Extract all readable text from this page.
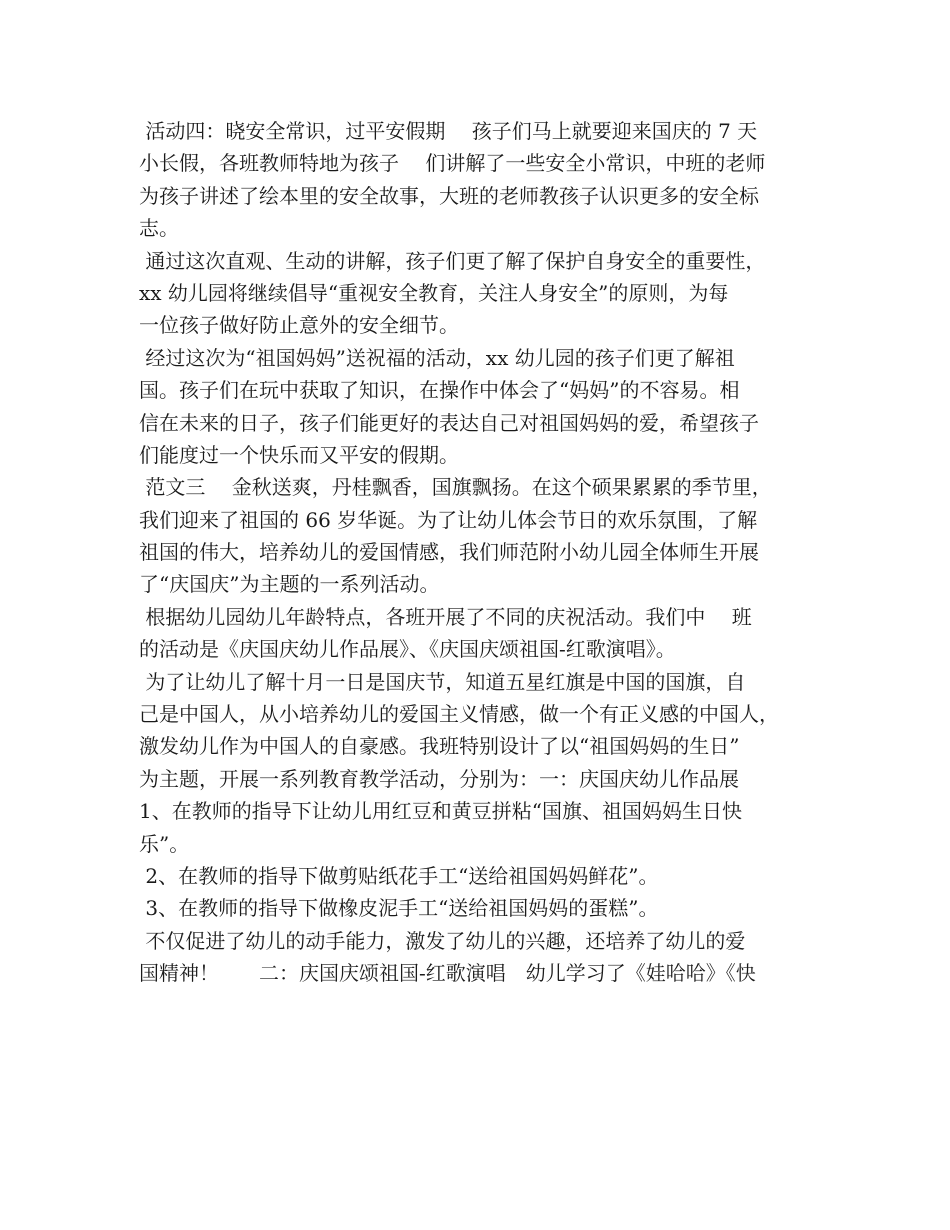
活动四：晓安全常识，过平安假期　 孩子们马上就要迎来国庆的 7 天
小长假，各班教师特地为孩子　 们讲解了一些安全小常识，中班的老师
为孩子讲述了绘本里的安全故事，大班的老师教孩子认识更多的安全标
志。
通过这次直观、生动的讲解，孩子们更了解了保护自身安全的重要性，
xx 幼儿园将继续倡导“重视安全教育，关注人身安全”的原则，为每
一位孩子做好防止意外的安全细节。
经过这次为“祖国妈妈”送祝福的活动，xx 幼儿园的孩子们更了解祖
国。孩子们在玩中获取了知识，在操作中体会了“妈妈”的不容易。相
信在未来的日子，孩子们能更好的表达自己对祖国妈妈的爱，希望孩子
们能度过一个快乐而又平安的假期。
范文三　 金秋送爽，丹桂飘香，国旗飘扬。在这个硕果累累的季节里，
我们迎来了祖国的 66 岁华诞。为了让幼儿体会节日的欢乐氛围，了解
祖国的伟大，培养幼儿的爱国情感，我们师范附小幼儿园全体师生开展
了“庆国庆”为主题的一系列活动。
根据幼儿园幼儿年龄特点，各班开展了不同的庆祝活动。我们中　 班
的活动是《庆国庆幼儿作品展》、《庆国庆颂祖国-红歌演唱》。
为了让幼儿了解十月一日是国庆节，知道五星红旗是中国的国旗，自
己是中国人，从小培养幼儿的爱国主义情感，做一个有正义感的中国人，
激发幼儿作为中国人的自豪感。我班特别设计了以“祖国妈妈的生日”
为主题，开展一系列教育教学活动，分别为：一：庆国庆幼儿作品展
1、在教师的指导下让幼儿用红豆和黄豆拼粘“国旗、祖国妈妈生日快
乐”。
2、在教师的指导下做剪贴纸花手工“送给祖国妈妈鲜花”。
3、在教师的指导下做橡皮泥手工“送给祖国妈妈的蛋糕”。
不仅促进了幼儿的动手能力，激发了幼儿的兴趣，还培养了幼儿的爱
国精神！　　二：庆国庆颂祖国-红歌演唱　幼儿学习了《娃哈哈》《快
